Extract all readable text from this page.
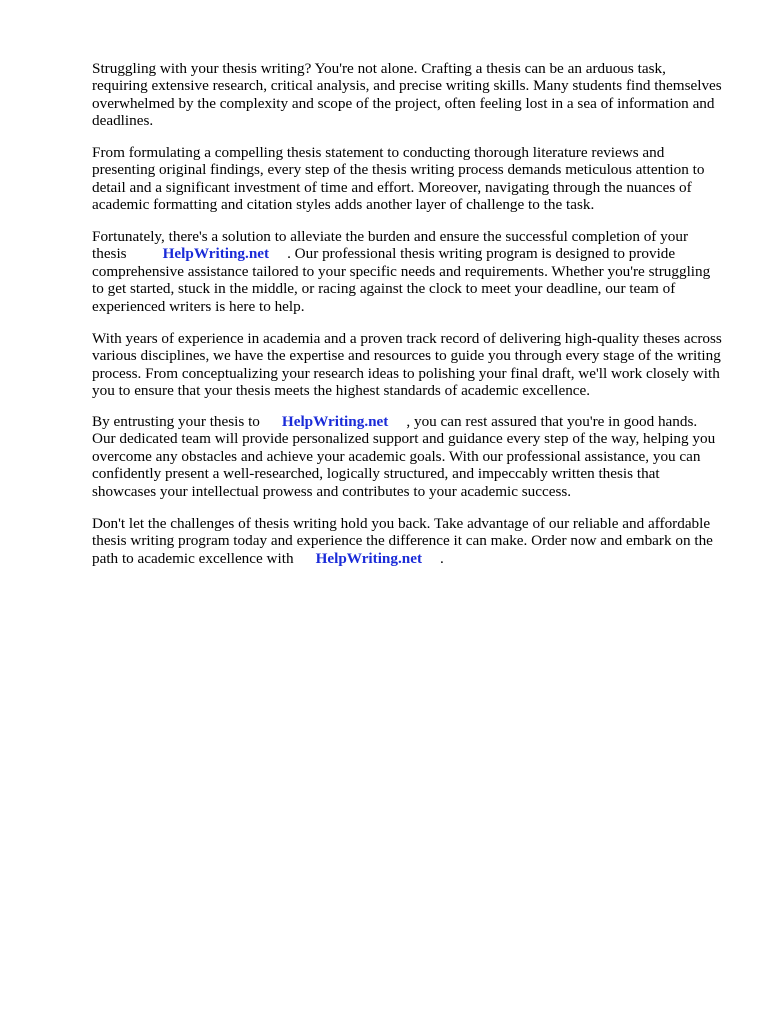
Struggling with your thesis writing? You're not alone. Crafting a thesis can be an arduous task, requiring extensive research, critical analysis, and precise writing skills. Many students find themselves overwhelmed by the complexity and scope of the project, often feeling lost in a sea of information and deadlines.

From formulating a compelling thesis statement to conducting thorough literature reviews and presenting original findings, every step of the thesis writing process demands meticulous attention to detail and a significant investment of time and effort. Moreover, navigating through the nuances of academic formatting and citation styles adds another layer of challenge to the task.

Fortunately, there's a solution to alleviate the burden and ensure the successful completion of your thesis HelpWriting.net . Our professional thesis writing program is designed to provide comprehensive assistance tailored to your specific needs and requirements. Whether you're struggling to get started, stuck in the middle, or racing against the clock to meet your deadline, our team of experienced writers is here to help.

With years of experience in academia and a proven track record of delivering high-quality theses across various disciplines, we have the expertise and resources to guide you through every stage of the writing process. From conceptualizing your research ideas to polishing your final draft, we'll work closely with you to ensure that your thesis meets the highest standards of academic excellence.

By entrusting your thesis to HelpWriting.net , you can rest assured that you're in good hands. Our dedicated team will provide personalized support and guidance every step of the way, helping you overcome any obstacles and achieve your academic goals. With our professional assistance, you can confidently present a well-researched, logically structured, and impeccably written thesis that showcases your intellectual prowess and contributes to your academic success.

Don't let the challenges of thesis writing hold you back. Take advantage of our reliable and affordable thesis writing program today and experience the difference it can make. Order now and embark on the path to academic excellence with HelpWriting.net .
